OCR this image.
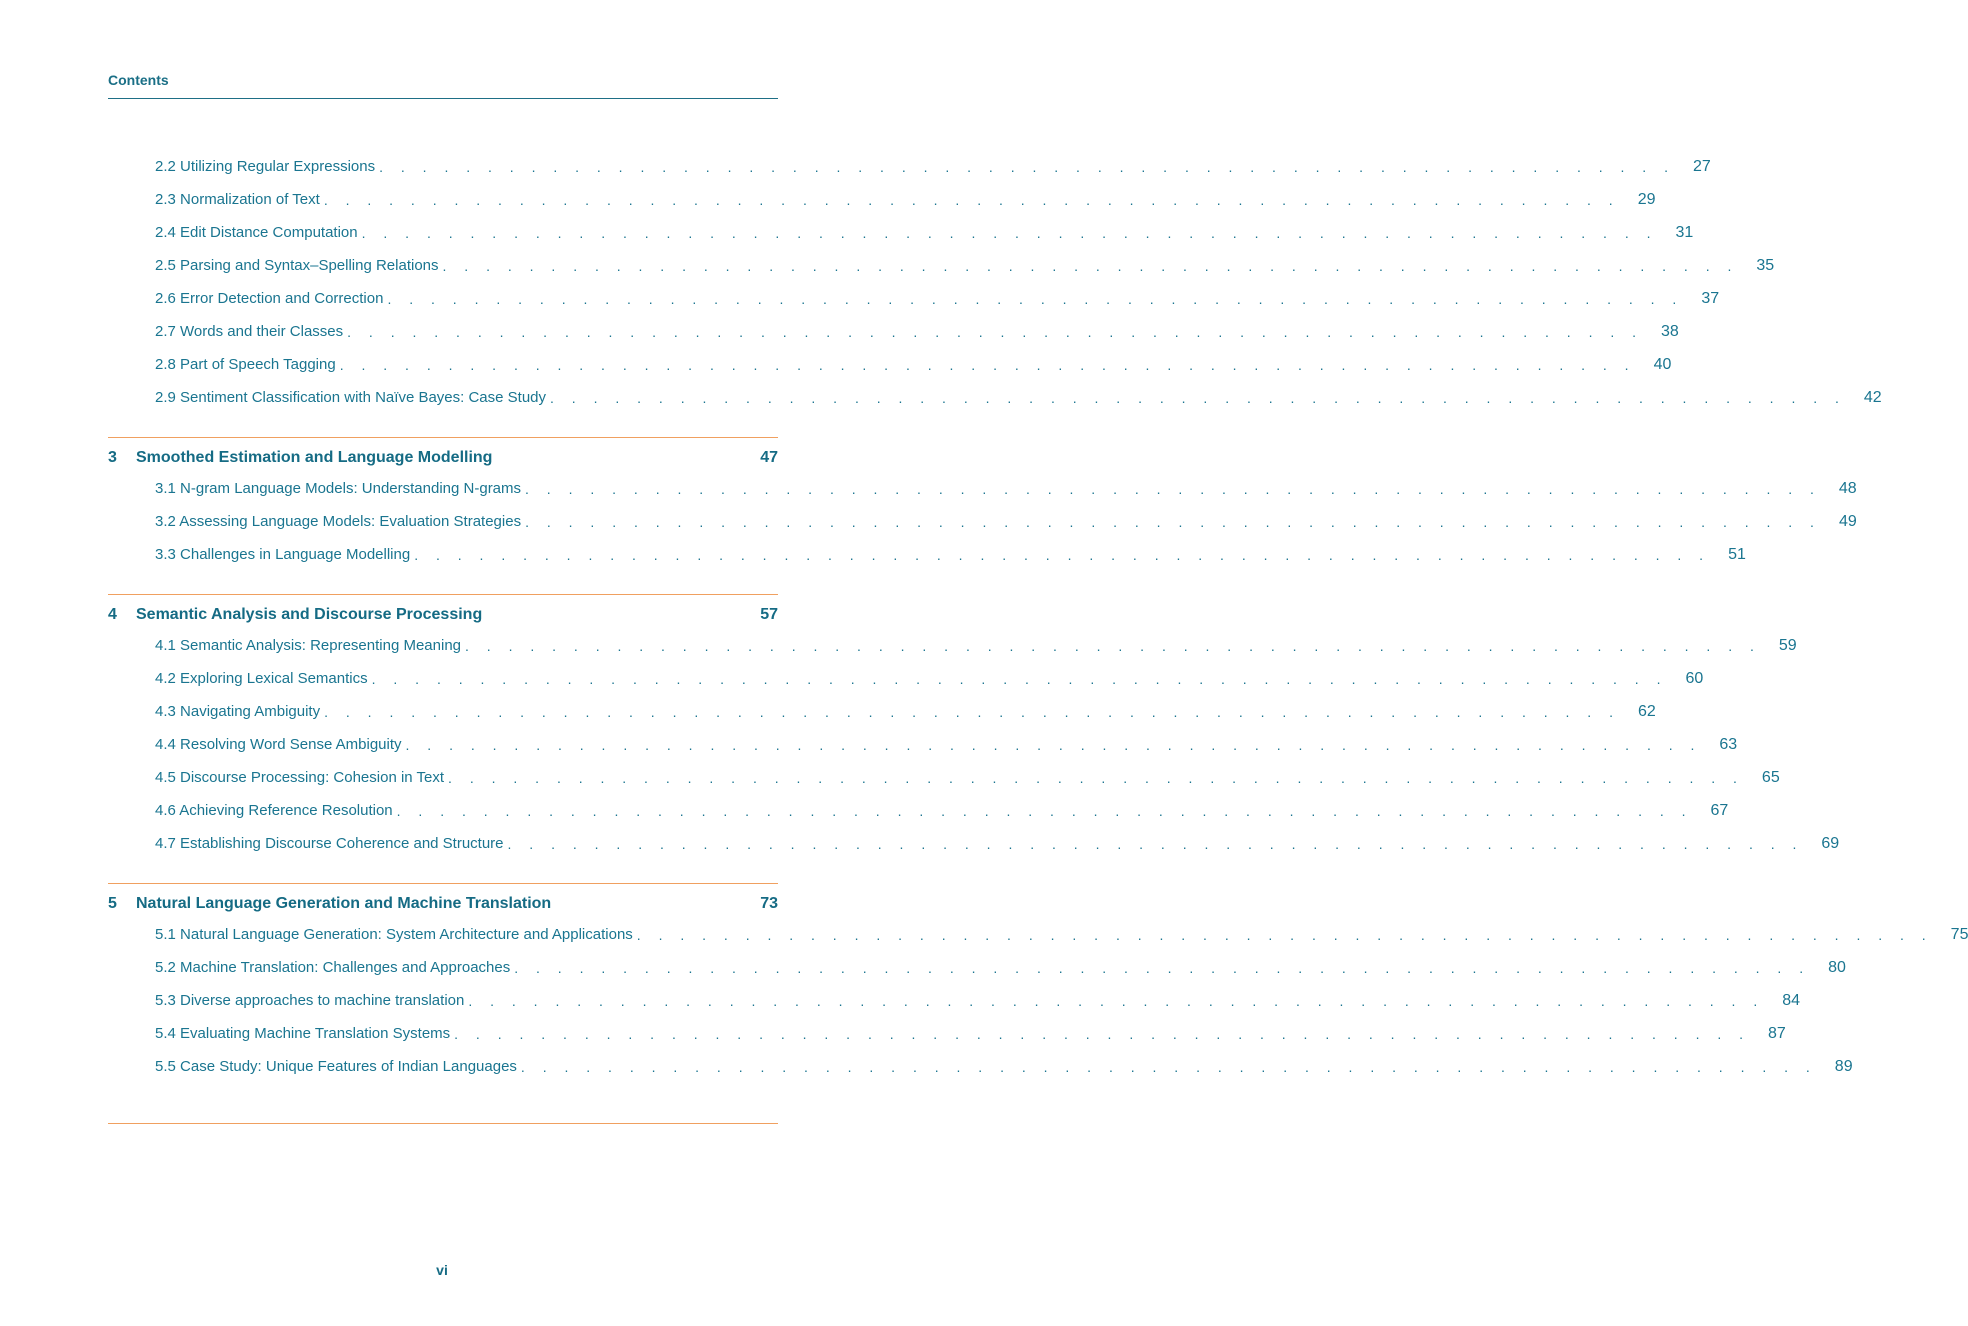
Contents
2.2 Utilizing Regular Expressions . . . . . . . . . . . . . . . . . . . . . . . . . . . . . . . . . . . . . . . . . . . . . . . . . . . . . . . . . . . . 27
2.3 Normalization of Text . . . . . . . . . . . . . . . . . . . . . . . . . . . . . . . . . . . . . . . . . . . . . . . . . . . . . . . . . . . . 29
2.4 Edit Distance Computation . . . . . . . . . . . . . . . . . . . . . . . . . . . . . . . . . . . . . . . . . . . . . . . . . . . . . . . . . . . . 31
2.5 Parsing and Syntax–Spelling Relations . . . . . . . . . . . . . . . . . . . . . . . . . . . . . . . . . . . . . . . . . . . . . . . . . . . . . . . . . . . . 35
2.6 Error Detection and Correction . . . . . . . . . . . . . . . . . . . . . . . . . . . . . . . . . . . . . . . . . . . . . . . . . . . . . . . . . . . . 37
2.7 Words and their Classes . . . . . . . . . . . . . . . . . . . . . . . . . . . . . . . . . . . . . . . . . . . . . . . . . . . . . . . . . . . . 38
2.8 Part of Speech Tagging . . . . . . . . . . . . . . . . . . . . . . . . . . . . . . . . . . . . . . . . . . . . . . . . . . . . . . . . . . . . 40
2.9 Sentiment Classification with Naïve Bayes: Case Study . . . . . . . . . . . . . . . . . . . . . . . . . . . . . . . . . . . . . . . . . . . . . . . . . . . . . . . . . . . . 42
3	Smoothed Estimation and Language Modelling	47
3.1 N-gram Language Models: Understanding N-grams . . . . . . . . . . . . . . . . . . . . . . . . . . . . . . . . . . . . . . . . . . . . . . . . . . . . . . . . . . . . 48
3.2 Assessing Language Models: Evaluation Strategies . . . . . . . . . . . . . . . . . . . . . . . . . . . . . . . . . . . . . . . . . . . . . . . . . . . . . . . . . . . . 49
3.3 Challenges in Language Modelling . . . . . . . . . . . . . . . . . . . . . . . . . . . . . . . . . . . . . . . . . . . . . . . . . . . . . . . . . . . . 51
4	Semantic Analysis and Discourse Processing	57
4.1 Semantic Analysis: Representing Meaning . . . . . . . . . . . . . . . . . . . . . . . . . . . . . . . . . . . . . . . . . . . . . . . . . . . . . . . . . . . . 59
4.2 Exploring Lexical Semantics . . . . . . . . . . . . . . . . . . . . . . . . . . . . . . . . . . . . . . . . . . . . . . . . . . . . . . . . . . . . 60
4.3 Navigating Ambiguity . . . . . . . . . . . . . . . . . . . . . . . . . . . . . . . . . . . . . . . . . . . . . . . . . . . . . . . . . . . . 62
4.4 Resolving Word Sense Ambiguity . . . . . . . . . . . . . . . . . . . . . . . . . . . . . . . . . . . . . . . . . . . . . . . . . . . . . . . . . . . . 63
4.5 Discourse Processing: Cohesion in Text . . . . . . . . . . . . . . . . . . . . . . . . . . . . . . . . . . . . . . . . . . . . . . . . . . . . . . . . . . . . 65
4.6 Achieving Reference Resolution . . . . . . . . . . . . . . . . . . . . . . . . . . . . . . . . . . . . . . . . . . . . . . . . . . . . . . . . . . . . 67
4.7 Establishing Discourse Coherence and Structure . . . . . . . . . . . . . . . . . . . . . . . . . . . . . . . . . . . . . . . . . . . . . . . . . . . . . . . . . . . . 69
5	Natural Language Generation and Machine Translation	73
5.1 Natural Language Generation: System Architecture and Applications . . . . . . . . . . . . . . . . . . . . . . . . . . . . . . . . . . . . . . . . . . . . . . . . . . . . . . . . . . . . 75
5.2 Machine Translation: Challenges and Approaches . . . . . . . . . . . . . . . . . . . . . . . . . . . . . . . . . . . . . . . . . . . . . . . . . . . . . . . . . . . . 80
5.3 Diverse approaches to machine translation . . . . . . . . . . . . . . . . . . . . . . . . . . . . . . . . . . . . . . . . . . . . . . . . . . . . . . . . . . . . 84
5.4 Evaluating Machine Translation Systems . . . . . . . . . . . . . . . . . . . . . . . . . . . . . . . . . . . . . . . . . . . . . . . . . . . . . . . . . . . . 87
5.5 Case Study: Unique Features of Indian Languages . . . . . . . . . . . . . . . . . . . . . . . . . . . . . . . . . . . . . . . . . . . . . . . . . . . . . . . . . . . . 89
vi
